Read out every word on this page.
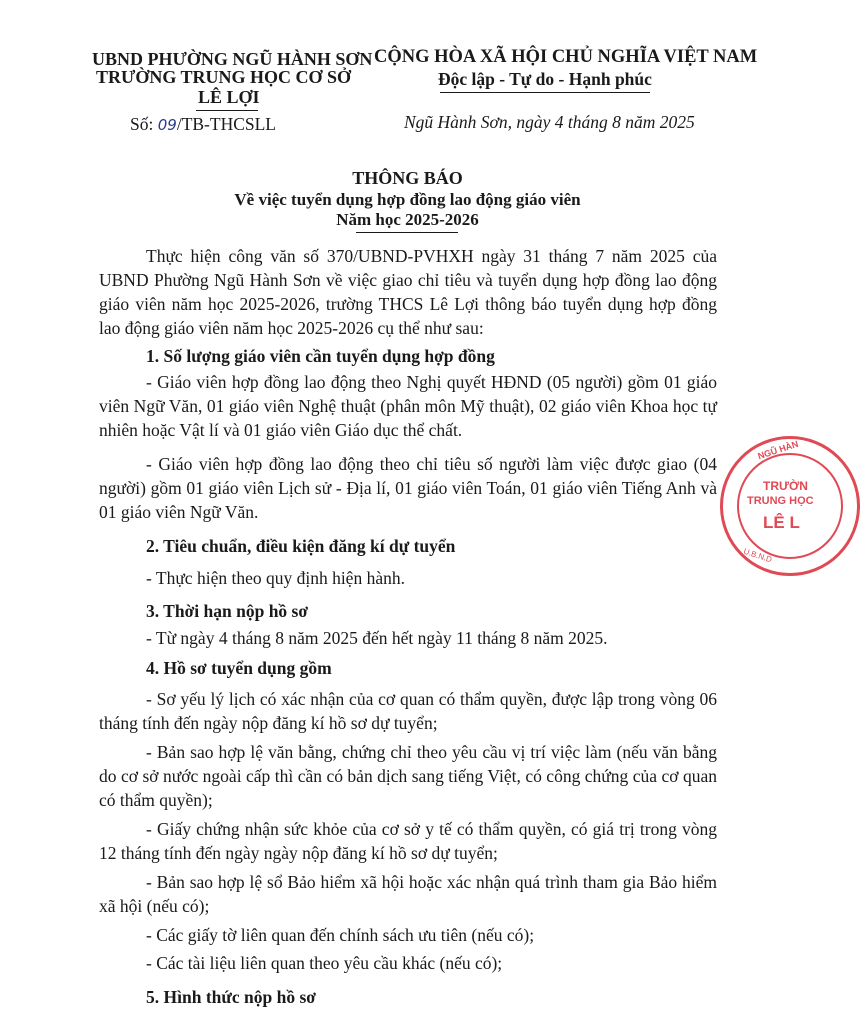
UBND PHƯỜNG NGŨ HÀNH SƠN
TRƯỜNG TRUNG HỌC CƠ SỞ
LÊ LỢI
CỘNG HÒA XÃ HỘI CHỦ NGHĨA VIỆT NAM
Độc lập - Tự do - Hạnh phúc
Số: 09/TB-THCSLL	Ngũ Hành Sơn, ngày 4 tháng 8 năm 2025
THÔNG BÁO
Về việc tuyển dụng hợp đồng lao động giáo viên
Năm học 2025-2026
Thực hiện công văn số 370/UBND-PVHXH ngày 31 tháng 7 năm 2025 của UBND Phường Ngũ Hành Sơn về việc giao chỉ tiêu và tuyển dụng hợp đồng lao động giáo viên năm học 2025-2026, trường THCS Lê Lợi thông báo tuyển dụng hợp đồng lao động giáo viên năm học 2025-2026 cụ thể như sau:
1. Số lượng giáo viên cần tuyển dụng hợp đồng
- Giáo viên hợp đồng lao động theo Nghị quyết HĐND (05 người) gồm 01 giáo viên Ngữ Văn, 01 giáo viên Nghệ thuật (phân môn Mỹ thuật), 02 giáo viên Khoa học tự nhiên hoặc Vật lí và 01 giáo viên Giáo dục thể chất.
- Giáo viên hợp đồng lao động theo chỉ tiêu số người làm việc được giao (04 người) gồm 01 giáo viên Lịch sử - Địa lí, 01 giáo viên Toán, 01 giáo viên Tiếng Anh và 01 giáo viên Ngữ Văn.
2. Tiêu chuẩn, điều kiện đăng kí dự tuyển
- Thực hiện theo quy định hiện hành.
3. Thời hạn nộp hồ sơ
- Từ ngày 4 tháng 8 năm 2025 đến hết ngày 11 tháng 8 năm 2025.
4. Hồ sơ tuyển dụng gồm
- Sơ yếu lý lịch có xác nhận của cơ quan có thẩm quyền, được lập trong vòng 06 tháng tính đến ngày nộp đăng kí hồ sơ dự tuyển;
- Bản sao hợp lệ văn bằng, chứng chỉ theo yêu cầu vị trí việc làm (nếu văn bằng do cơ sở nước ngoài cấp thì cần có bản dịch sang tiếng Việt, có công chứng của cơ quan có thẩm quyền);
- Giấy chứng nhận sức khỏe của cơ sở y tế có thẩm quyền, có giá trị trong vòng 12 tháng tính đến ngày ngày nộp đăng kí hồ sơ dự tuyển;
- Bản sao hợp lệ sổ Bảo hiểm xã hội hoặc xác nhận quá trình tham gia Bảo hiểm xã hội (nếu có);
- Các giấy tờ liên quan đến chính sách ưu tiên (nếu có);
- Các tài liệu liên quan theo yêu cầu khác (nếu có);
5. Hình thức nộp hồ sơ
NGŨ HÀN
TRƯỜN
TRUNG HỌC
LÊ L
U.B.N.D
